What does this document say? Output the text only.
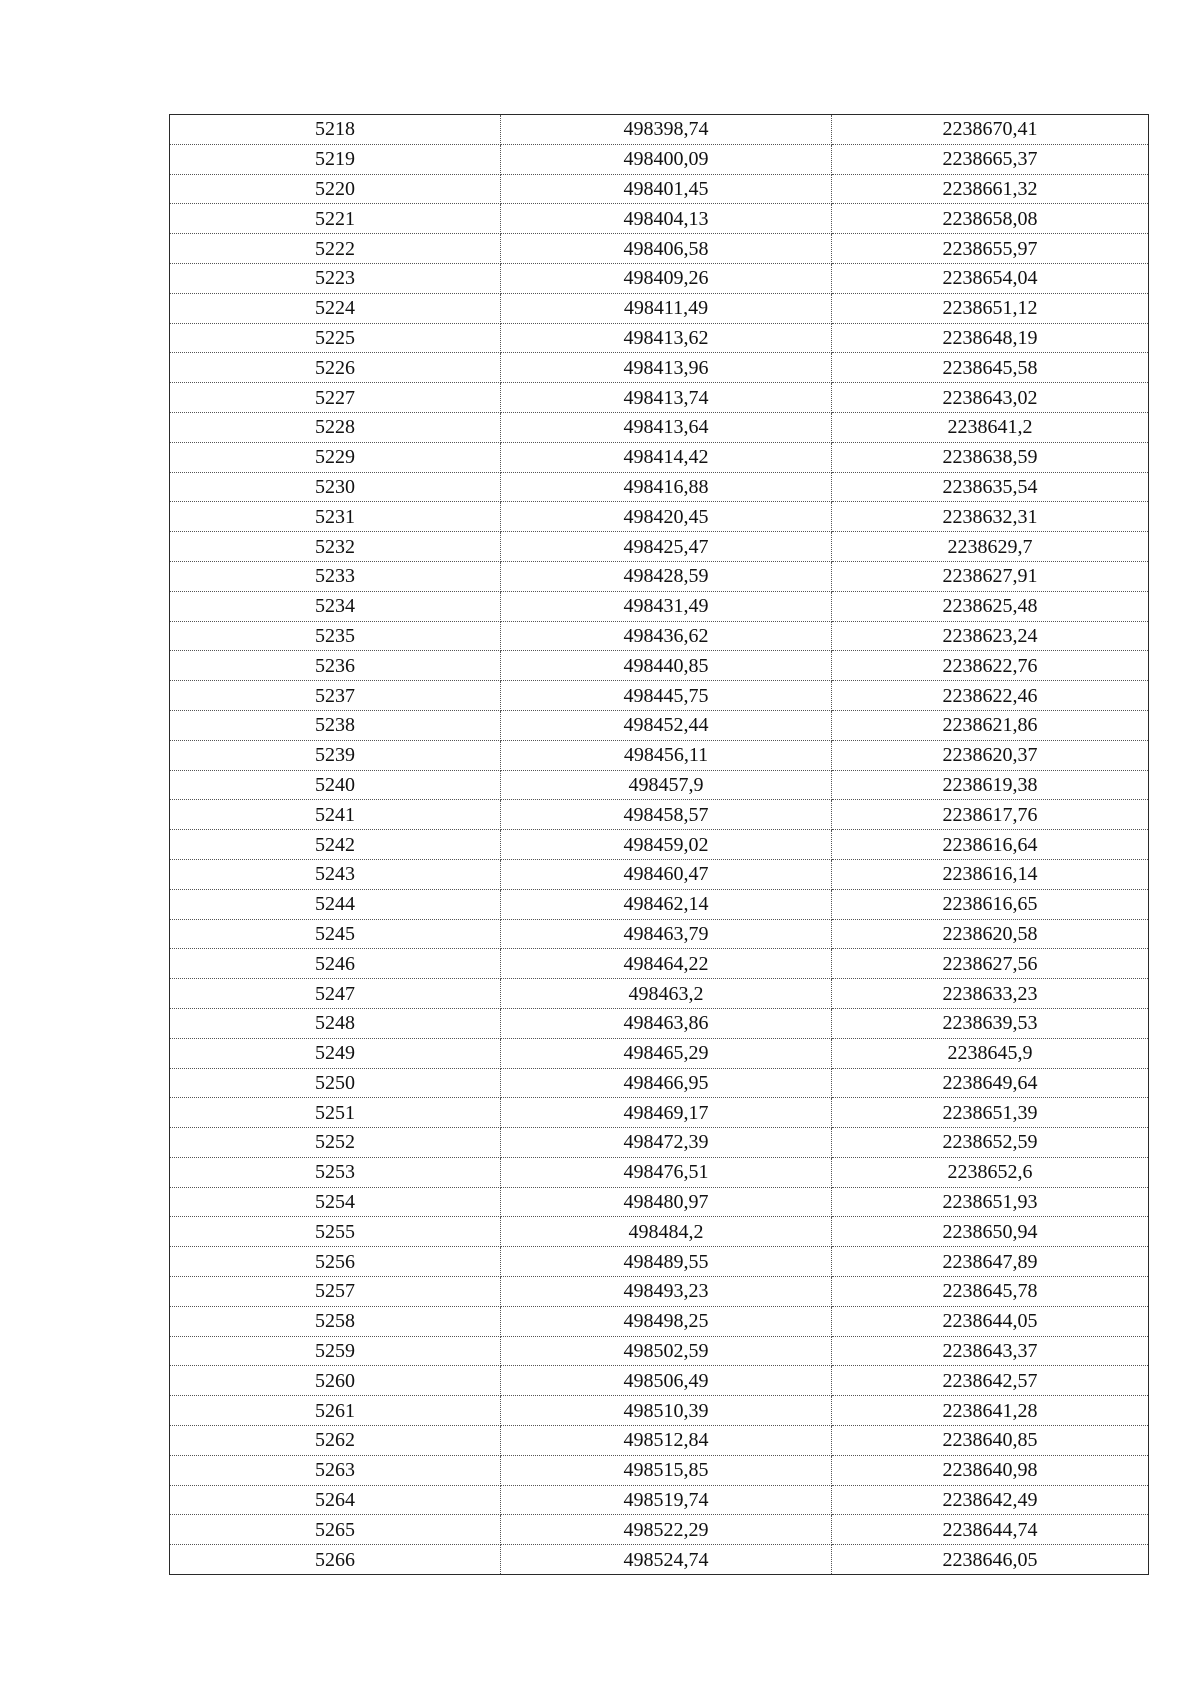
5218	498398,74	2238670,41
5219	498400,09	2238665,37
5220	498401,45	2238661,32
5221	498404,13	2238658,08
5222	498406,58	2238655,97
5223	498409,26	2238654,04
5224	498411,49	2238651,12
5225	498413,62	2238648,19
5226	498413,96	2238645,58
5227	498413,74	2238643,02
5228	498413,64	2238641,2
5229	498414,42	2238638,59
5230	498416,88	2238635,54
5231	498420,45	2238632,31
5232	498425,47	2238629,7
5233	498428,59	2238627,91
5234	498431,49	2238625,48
5235	498436,62	2238623,24
5236	498440,85	2238622,76
5237	498445,75	2238622,46
5238	498452,44	2238621,86
5239	498456,11	2238620,37
5240	498457,9	2238619,38
5241	498458,57	2238617,76
5242	498459,02	2238616,64
5243	498460,47	2238616,14
5244	498462,14	2238616,65
5245	498463,79	2238620,58
5246	498464,22	2238627,56
5247	498463,2	2238633,23
5248	498463,86	2238639,53
5249	498465,29	2238645,9
5250	498466,95	2238649,64
5251	498469,17	2238651,39
5252	498472,39	2238652,59
5253	498476,51	2238652,6
5254	498480,97	2238651,93
5255	498484,2	2238650,94
5256	498489,55	2238647,89
5257	498493,23	2238645,78
5258	498498,25	2238644,05
5259	498502,59	2238643,37
5260	498506,49	2238642,57
5261	498510,39	2238641,28
5262	498512,84	2238640,85
5263	498515,85	2238640,98
5264	498519,74	2238642,49
5265	498522,29	2238644,74
5266	498524,74	2238646,05
